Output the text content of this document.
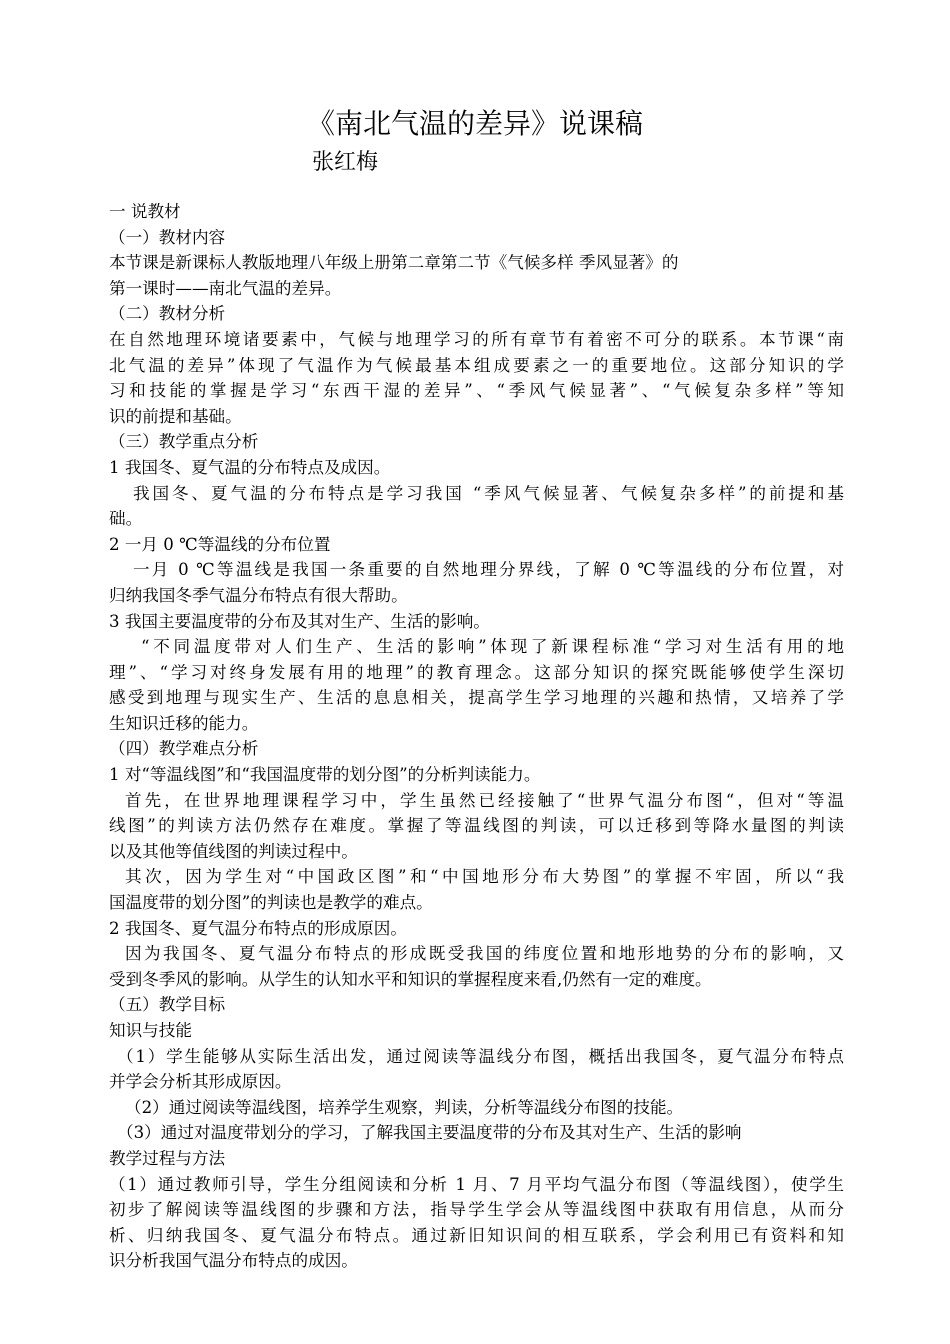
《南北气温的差异》说课稿
张红梅
一 说教材
（一）教材内容
本节课是新课标人教版地理八年级上册第二章第二节《气候多样 季风显著》的
第一课时——南北气温的差异。
（二）教材分析
在自然地理环境诸要素中，气候与地理学习的所有章节有着密不可分的联系。本节课“南
北气温的差异”体现了气温作为气候最基本组成要素之一的重要地位。这部分知识的学
习和技能的掌握是学习“东西干湿的差异”、“季风气候显著”、“气候复杂多样”等知
识的前提和基础。
（三）教学重点分析
1 我国冬、夏气温的分布特点及成因。
我国冬、夏气温的分布特点是学习我国 “季风气候显著、气候复杂多样”的前提和基
础。
2 一月 0 ℃等温线的分布位置
一月 0 ℃等温线是我国一条重要的自然地理分界线，了解 0 ℃等温线的分布位置，对
归纳我国冬季气温分布特点有很大帮助。
3 我国主要温度带的分布及其对生产、生活的影响。
“不同温度带对人们生产、生活的影响”体现了新课程标准“学习对生活有用的地
理”、“学习对终身发展有用的地理”的教育理念。这部分知识的探究既能够使学生深切
感受到地理与现实生产、生活的息息相关，提高学生学习地理的兴趣和热情，又培养了学
生知识迁移的能力。
（四）教学难点分析
1 对“等温线图”和“我国温度带的划分图”的分析判读能力。
首先，在世界地理课程学习中，学生虽然已经接触了“世界气温分布图“，但对“等温
线图”的判读方法仍然存在难度。掌握了等温线图的判读，可以迁移到等降水量图的判读
以及其他等值线图的判读过程中。
其次，因为学生对“中国政区图”和“中国地形分布大势图”的掌握不牢固，所以“我
国温度带的划分图”的判读也是教学的难点。
2 我国冬、夏气温分布特点的形成原因。
因为我国冬、夏气温分布特点的形成既受我国的纬度位置和地形地势的分布的影响，又
受到冬季风的影响。从学生的认知水平和知识的掌握程度来看,仍然有一定的难度。
（五）教学目标
知识与技能
（1）学生能够从实际生活出发，通过阅读等温线分布图，概括出我国冬，夏气温分布特点
并学会分析其形成原因。
（2）通过阅读等温线图，培养学生观察，判读，分析等温线分布图的技能。
（3）通过对温度带划分的学习，了解我国主要温度带的分布及其对生产、生活的影响
教学过程与方法
（1）通过教师引导，学生分组阅读和分析 1 月、7 月平均气温分布图（等温线图），使学生
初步了解阅读等温线图的步骤和方法，指导学生学会从等温线图中获取有用信息，从而分
析、归纳我国冬、夏气温分布特点。通过新旧知识间的相互联系，学会利用已有资料和知
识分析我国气温分布特点的成因。
